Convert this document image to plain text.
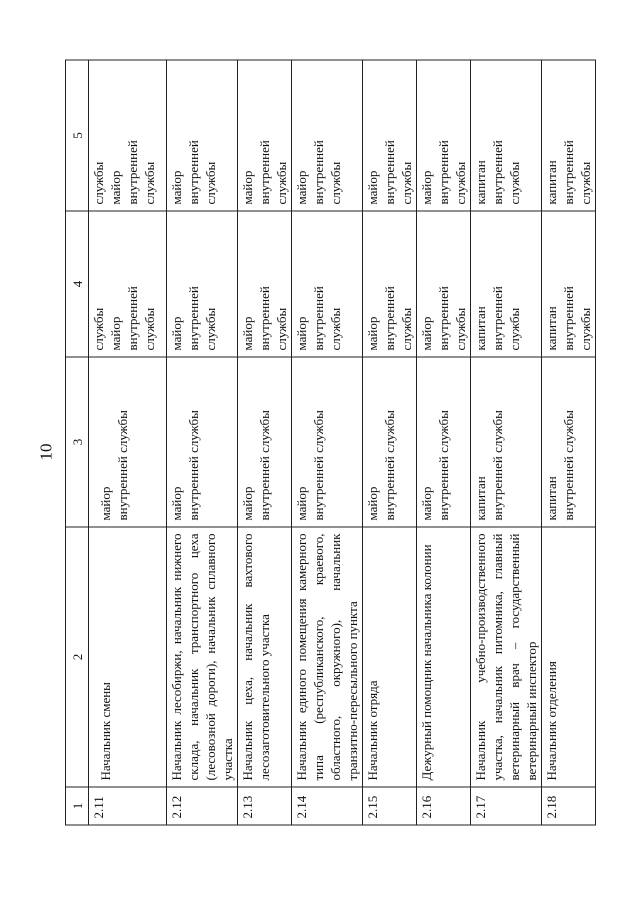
10
1	2	3	4	5
2.11	Начальник смены	майор внутренней службы	службы майор внутренней службы	службы майор внутренней службы

2.12	Начальник лесобиржи, начальник нижнего склада, начальник транспортного цеха (лесовозной дороги), начальник сплавного участка	майор внутренней службы	майор внутренней службы	майор внутренней службы

2.13	Начальник цеха, начальник вахтового лесозаготовительного участка	майор внутренней службы	майор внутренней службы	майор внутренней службы

2.14	Начальник единого помещения камерного типа (республиканского, краевого, областного, окружного), начальник транзитно-пересыльного пункта	майор внутренней службы	майор внутренней службы	майор внутренней службы

2.15	Начальник отряда	майор внутренней службы	майор внутренней службы	майор внутренней службы

2.16	Дежурный помощник начальника колонии	майор внутренней службы	майор внутренней службы	майор внутренней службы

2.17	Начальник учебно-производственного участка, начальник питомника, главный ветеринарный врач – государственный ветеринарный инспектор	капитан внутренней службы	капитан внутренней службы	капитан внутренней службы

2.18	Начальник отделения	капитан внутренней службы	капитан внутренней службы	капитан внутренней службы
